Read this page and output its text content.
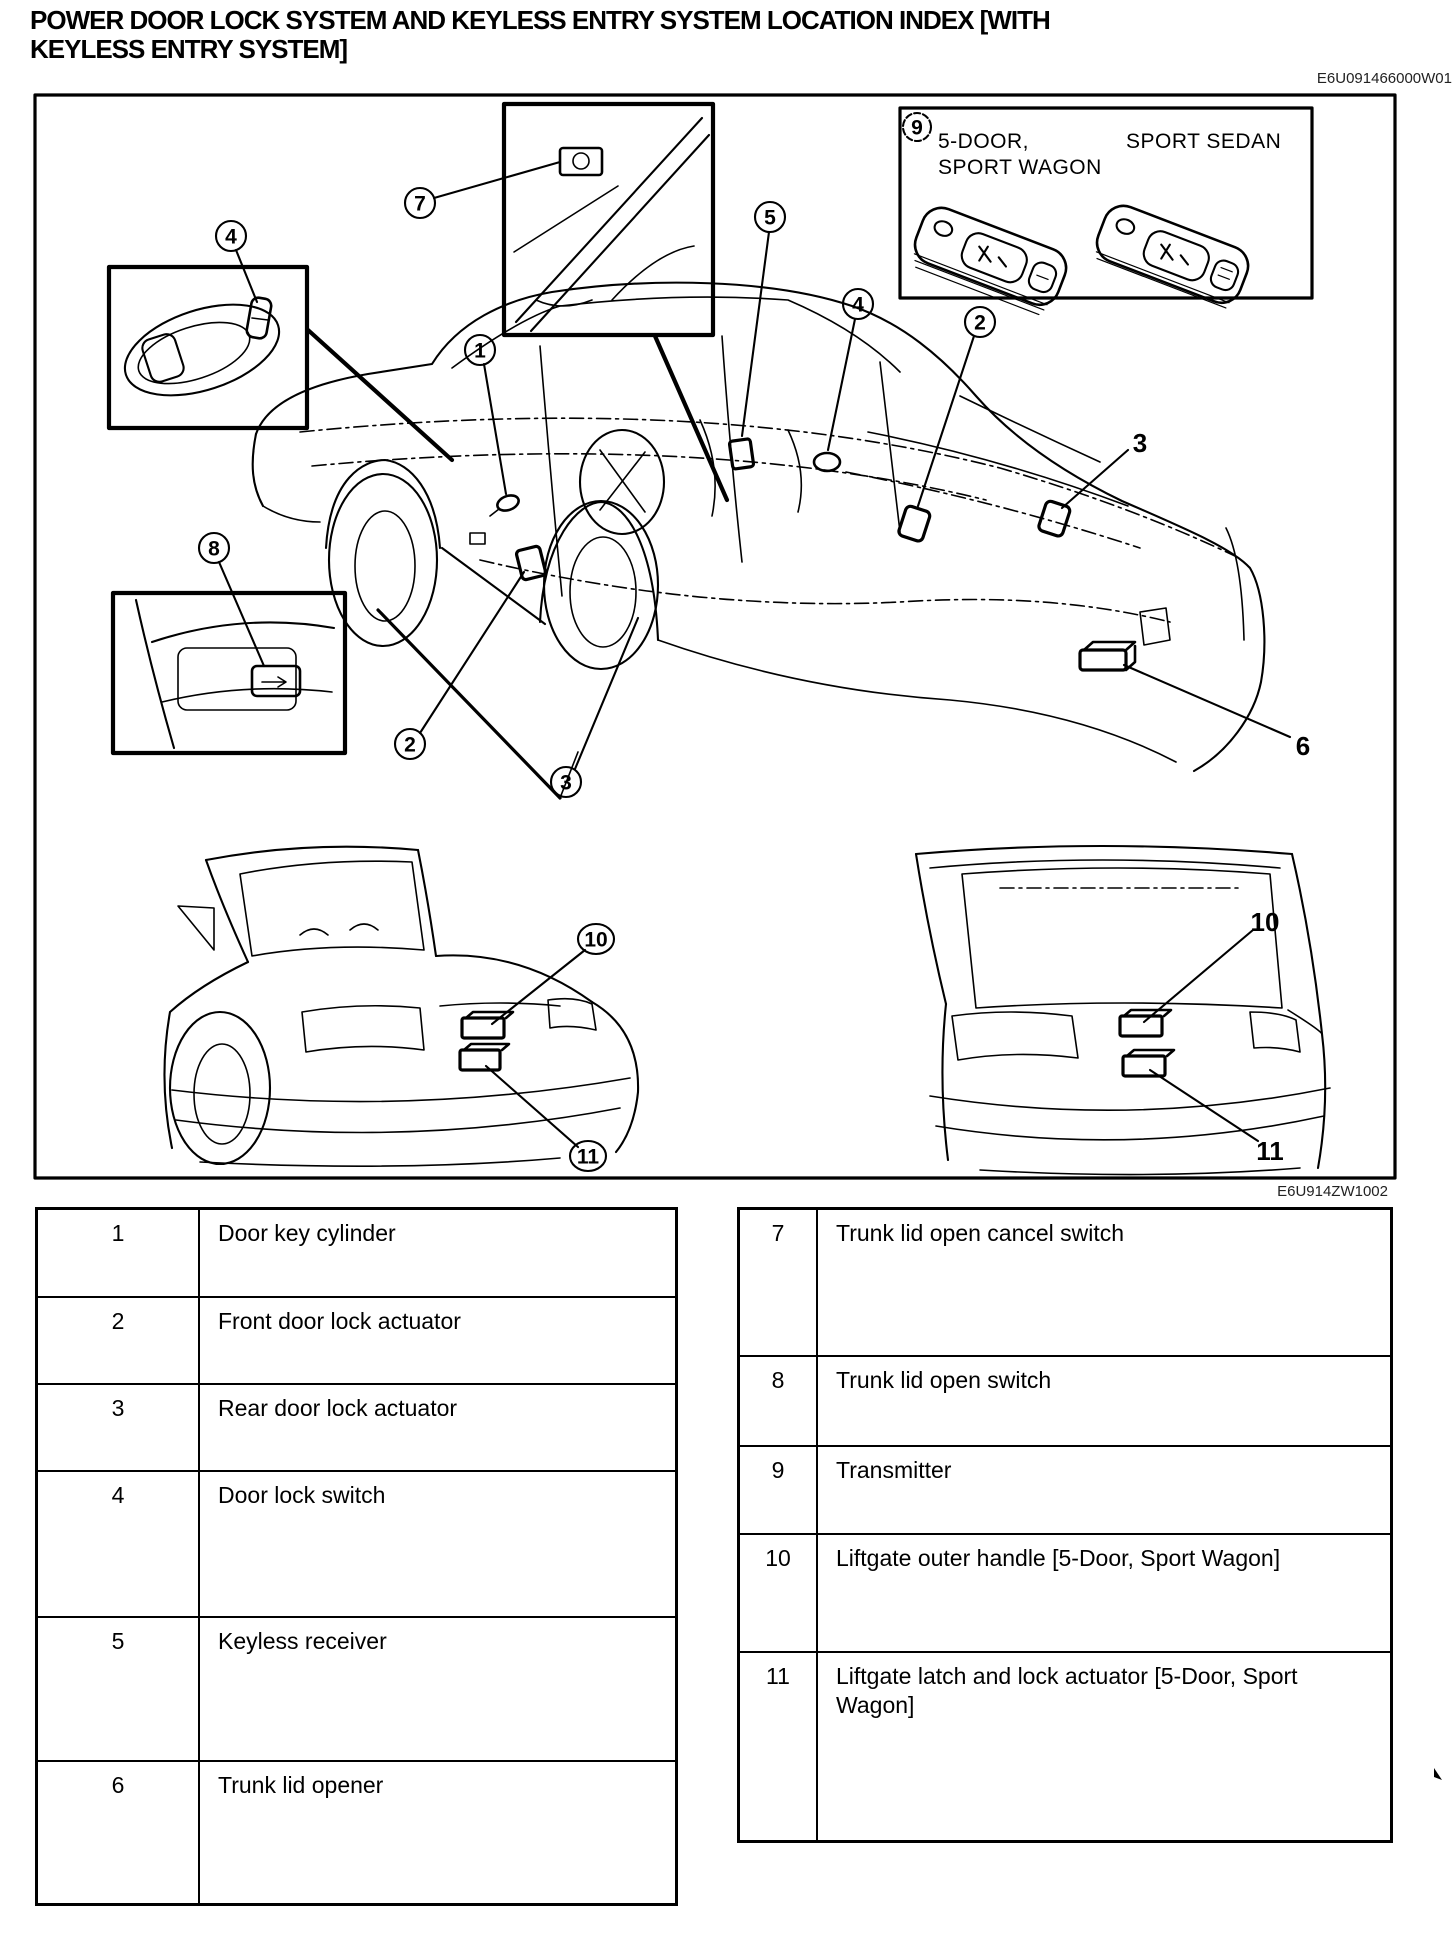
POWER DOOR LOCK SYSTEM AND KEYLESS ENTRY SYSTEM LOCATION INDEX [WITH KEYLESS ENTRY SYSTEM]
E6U091466000W01
E6U914ZW1002
9
5-DOOR,
SPORT WAGON
SPORT SEDAN
4
7
1
5
4
2
3
8
2
3
6
10
11
10
11
1	Door key cylinder
2	Front door lock actuator
3	Rear door lock actuator
4	Door lock switch
5	Keyless receiver
6	Trunk lid opener
7	Trunk lid open cancel switch
8	Trunk lid open switch
9	Transmitter
10	Liftgate outer handle [5-Door, Sport Wagon]
11	Liftgate latch and lock actuator [5-Door, Sport Wagon]
